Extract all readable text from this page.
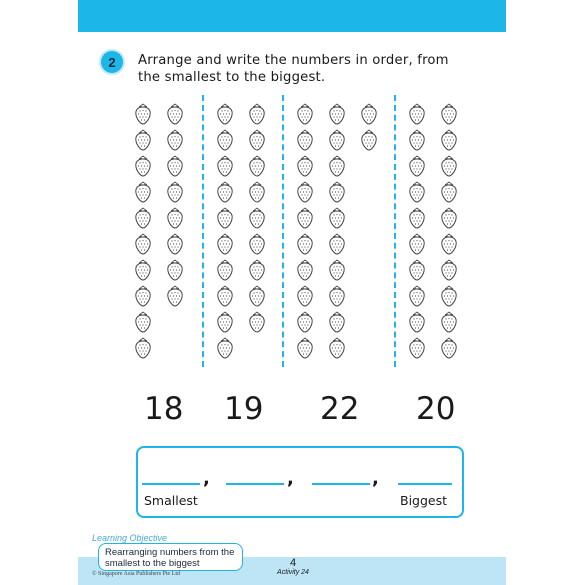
2	Arrange and write the numbers in order, from the smallest to the biggest.
18 19 22 20
,	,	,
Smallest	Biggest
Learning Objective
Rearranging numbers from the smallest to the biggest	4
Activity 24
© Singapore Asia Publishers Pte Ltd
